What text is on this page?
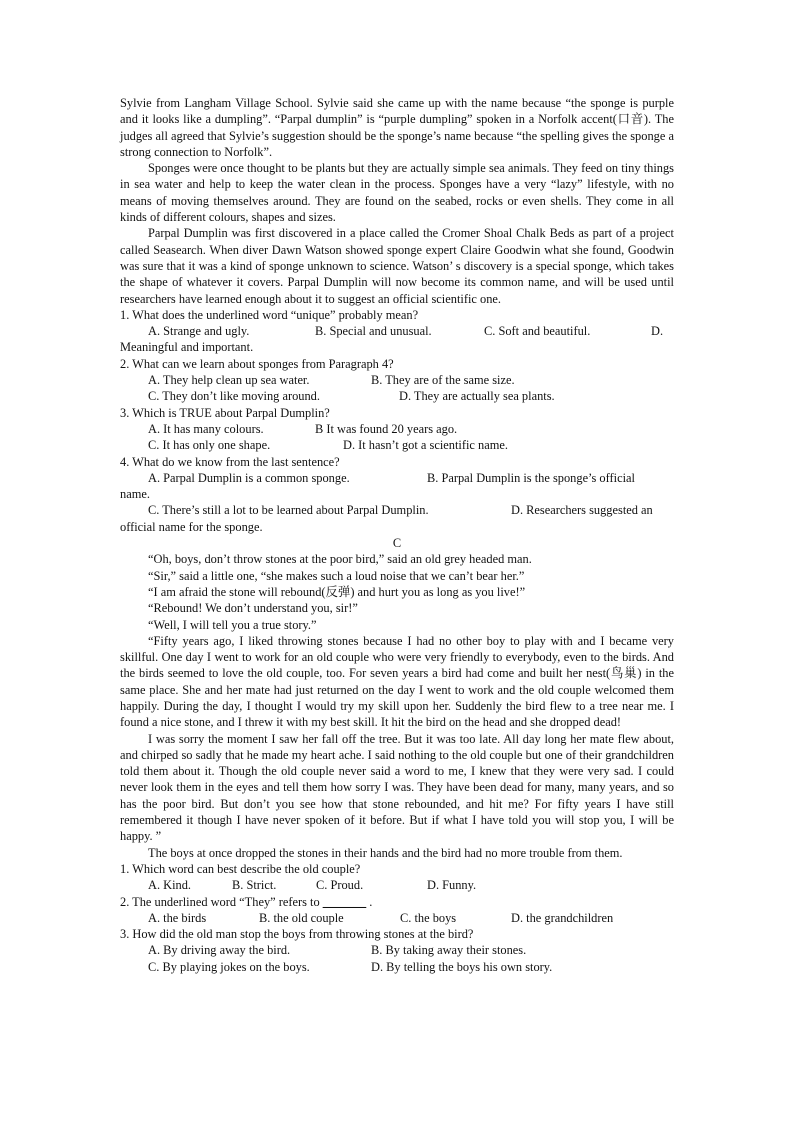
Sylvie from Langham Village School. Sylvie said she came up with the name because “the sponge is purple and it looks like a dumpling”. “Parpal dumplin” is “purple dumpling” spoken in a Norfolk accent(口音). The judges all agreed that Sylvie’s suggestion should be the sponge’s name because “the spelling gives the sponge a strong connection to Norfolk”.

Sponges were once thought to be plants but they are actually simple sea animals. They feed on tiny things in sea water and help to keep the water clean in the process. Sponges have a very “lazy” lifestyle, with no means of moving themselves around. They are found on the seabed, rocks or even shells. They come in all kinds of different colours, shapes and sizes.

Parpal Dumplin was first discovered in a place called the Cromer Shoal Chalk Beds as part of a project called Seasearch. When diver Dawn Watson showed sponge expert Claire Goodwin what she found, Goodwin was sure that it was a kind of sponge unknown to science. Watson’ s discovery is a special sponge, which takes the shape of whatever it covers. Parpal Dumplin will now become its common name, and will be used until researchers have learned enough about it to suggest an official scientific one.

1. What does the underlined word “unique” probably mean?

A. Strange and ugly.	B. Special and unusual.	C. Soft and beautiful.	D.

Meaningful and important.

2. What can we learn about sponges from Paragraph 4?

A. They help clean up sea water.	B. They are of the same size.
C. They don’t like moving around.	D. They are actually sea plants.

3. Which is TRUE about Parpal Dumplin?

A. It has many colours.	B It was found 20 years ago.
C. It has only one shape.	D. It hasn’t got a scientific name.

4. What do we know from the last sentence?

A. Parpal Dumplin is a common sponge.	B. Parpal Dumplin is the sponge’s official

name.

C. There’s still a lot to be learned about Parpal Dumplin.	D. Researchers suggested an

official name for the sponge.

C

“Oh, boys, don’t throw stones at the poor bird,” said an old grey headed man.

“Sir,” said a little one, “she makes such a loud noise that we can’t bear her.”

“I am afraid the stone will rebound(反弹) and hurt you as long as you live!”

“Rebound! We don’t understand you, sir!”

“Well, I will tell you a true story.”

“Fifty years ago, I liked throwing stones because I had no other boy to play with and I became very skillful. One day I went to work for an old couple who were very friendly to everybody, even to the birds. And the birds seemed to love the old couple, too. For seven years a bird had come and built her nest(鸟巢) in the same place. She and her mate had just returned on the day I went to work and the old couple welcomed them happily. During the day, I thought I would try my skill upon her. Suddenly the bird flew to a tree near me. I found a nice stone, and I threw it with my best skill. It hit the bird on the head and she dropped dead!

I was sorry the moment I saw her fall off the tree. But it was too late. All day long her mate flew about, and chirped so sadly that he made my heart ache. I said nothing to the old couple but one of their grandchildren told them about it. Though the old couple never said a word to me, I knew that they were very sad. I could never look them in the eyes and tell them how sorry I was. They have been dead for many, many years, and so has the poor bird. But don’t you see how that stone rebounded, and hit me? For fifty years I have still remembered it though I have never spoken of it before. But if what I have told you will stop you, I will be happy. ”

The boys at once dropped the stones in their hands and the bird had no more trouble from them.

1. Which word can best describe the old couple?

A. Kind.	B. Strict.	C. Proud.	D. Funny.

2. The underlined word “They” refers to _______ .

A. the birds	B. the old couple	C. the boys	D. the grandchildren

3. How did the old man stop the boys from throwing stones at the bird?

A. By driving away the bird.	B. By taking away their stones.
C. By playing jokes on the boys.	D. By telling the boys his own story.
